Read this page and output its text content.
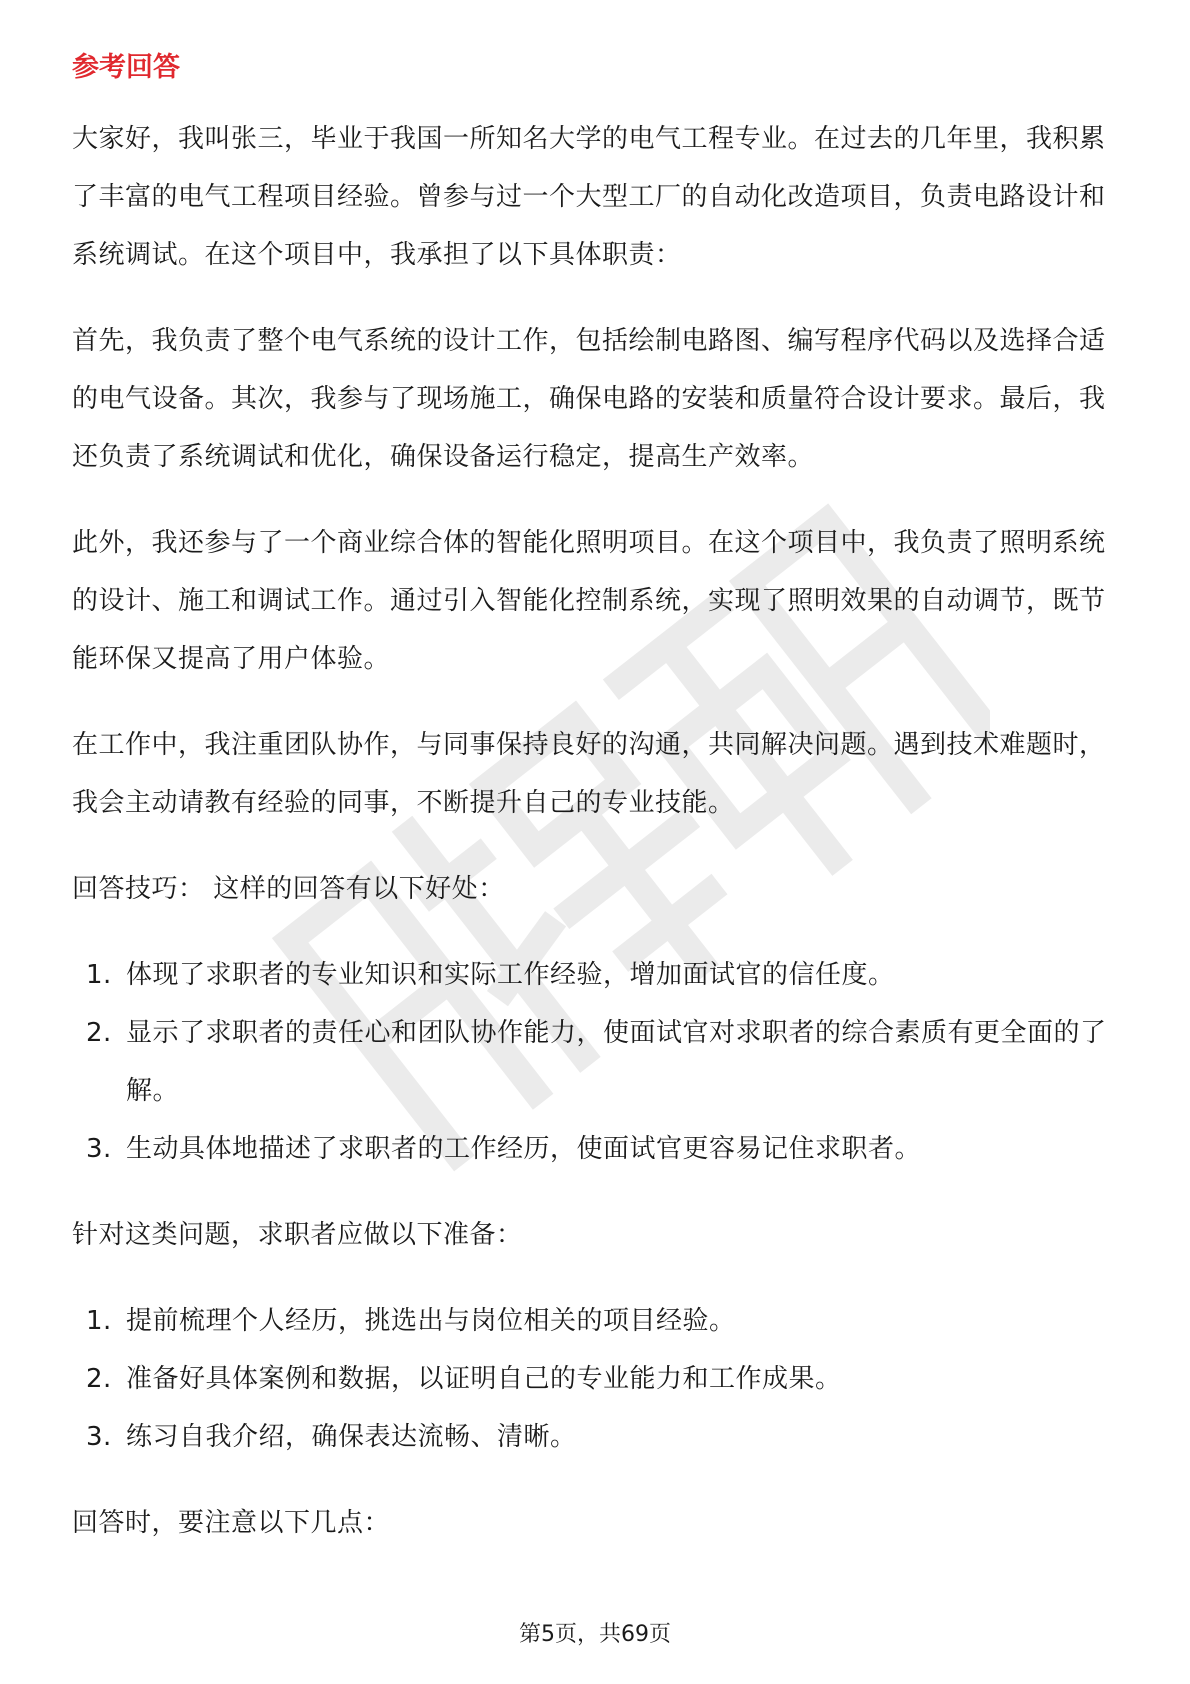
参考回答

大家好，我叫张三，毕业于我国一所知名大学的电气工程专业。在过去的几年里，我积累了丰富的电气工程项目经验。曾参与过一个大型工厂的自动化改造项目，负责电路设计和系统调试。在这个项目中，我承担了以下具体职责：

首先，我负责了整个电气系统的设计工作，包括绘制电路图、编写程序代码以及选择合适的电气设备。其次，我参与了现场施工，确保电路的安装和质量符合设计要求。最后，我还负责了系统调试和优化，确保设备运行稳定，提高生产效率。

此外，我还参与了一个商业综合体的智能化照明项目。在这个项目中，我负责了照明系统的设计、施工和调试工作。通过引入智能化控制系统，实现了照明效果的自动调节，既节能环保又提高了用户体验。

在工作中，我注重团队协作，与同事保持良好的沟通，共同解决问题。遇到技术难题时，我会主动请教有经验的同事，不断提升自己的专业技能。

回答技巧： 这样的回答有以下好处：

1. 体现了求职者的专业知识和实际工作经验，增加面试官的信任度。
2. 显示了求职者的责任心和团队协作能力，使面试官对求职者的综合素质有更全面的了解。
3. 生动具体地描述了求职者的工作经历，使面试官更容易记住求职者。

针对这类问题，求职者应做以下准备：

1. 提前梳理个人经历，挑选出与岗位相关的项目经验。
2. 准备好具体案例和数据，以证明自己的专业能力和工作成果。
3. 练习自我介绍，确保表达流畅、清晰。

回答时，要注意以下几点：

第5页，共69页
